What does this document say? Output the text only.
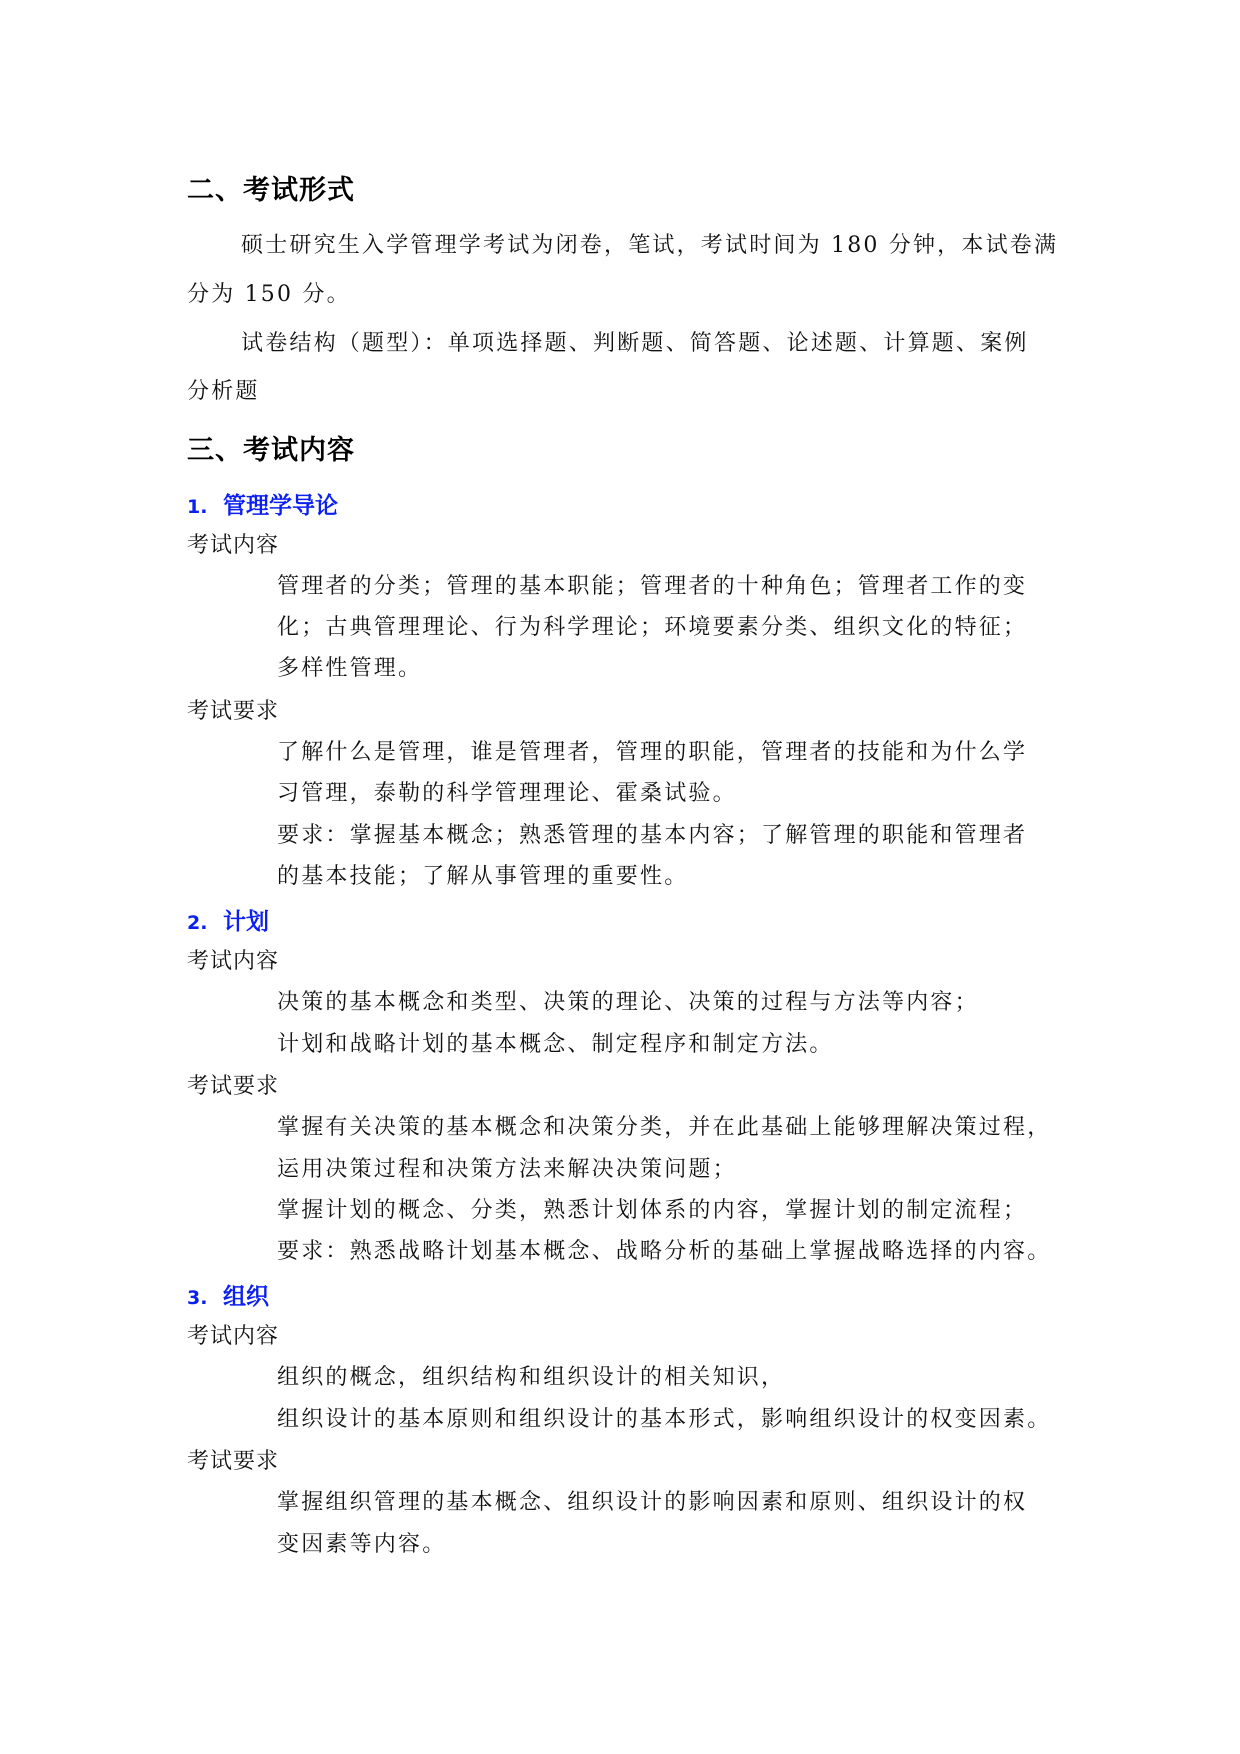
二、考试形式

硕士研究生入学管理学考试为闭卷，笔试，考试时间为 180 分钟，本试卷满

分为 150 分。

试卷结构（题型）：单项选择题、判断题、简答题、论述题、计算题、案例

分析题

三、考试内容
1. 管理学导论

考试内容

管理者的分类；管理的基本职能；管理者的十种角色；管理者工作的变

化；古典管理理论、行为科学理论；环境要素分类、组织文化的特征；

多样性管理。

考试要求

了解什么是管理，谁是管理者，管理的职能，管理者的技能和为什么学

习管理，泰勒的科学管理理论、霍桑试验。

要求：掌握基本概念；熟悉管理的基本内容；了解管理的职能和管理者

的基本技能；了解从事管理的重要性。

2. 计划

考试内容

决策的基本概念和类型、决策的理论、决策的过程与方法等内容；

计划和战略计划的基本概念、制定程序和制定方法。

考试要求

掌握有关决策的基本概念和决策分类，并在此基础上能够理解决策过程，

运用决策过程和决策方法来解决决策问题；

掌握计划的概念、分类，熟悉计划体系的内容，掌握计划的制定流程；

要求：熟悉战略计划基本概念、战略分析的基础上掌握战略选择的内容。

3. 组织

考试内容

组织的概念，组织结构和组织设计的相关知识，

组织设计的基本原则和组织设计的基本形式，影响组织设计的权变因素。

考试要求

掌握组织管理的基本概念、组织设计的影响因素和原则、组织设计的权

变因素等内容。
